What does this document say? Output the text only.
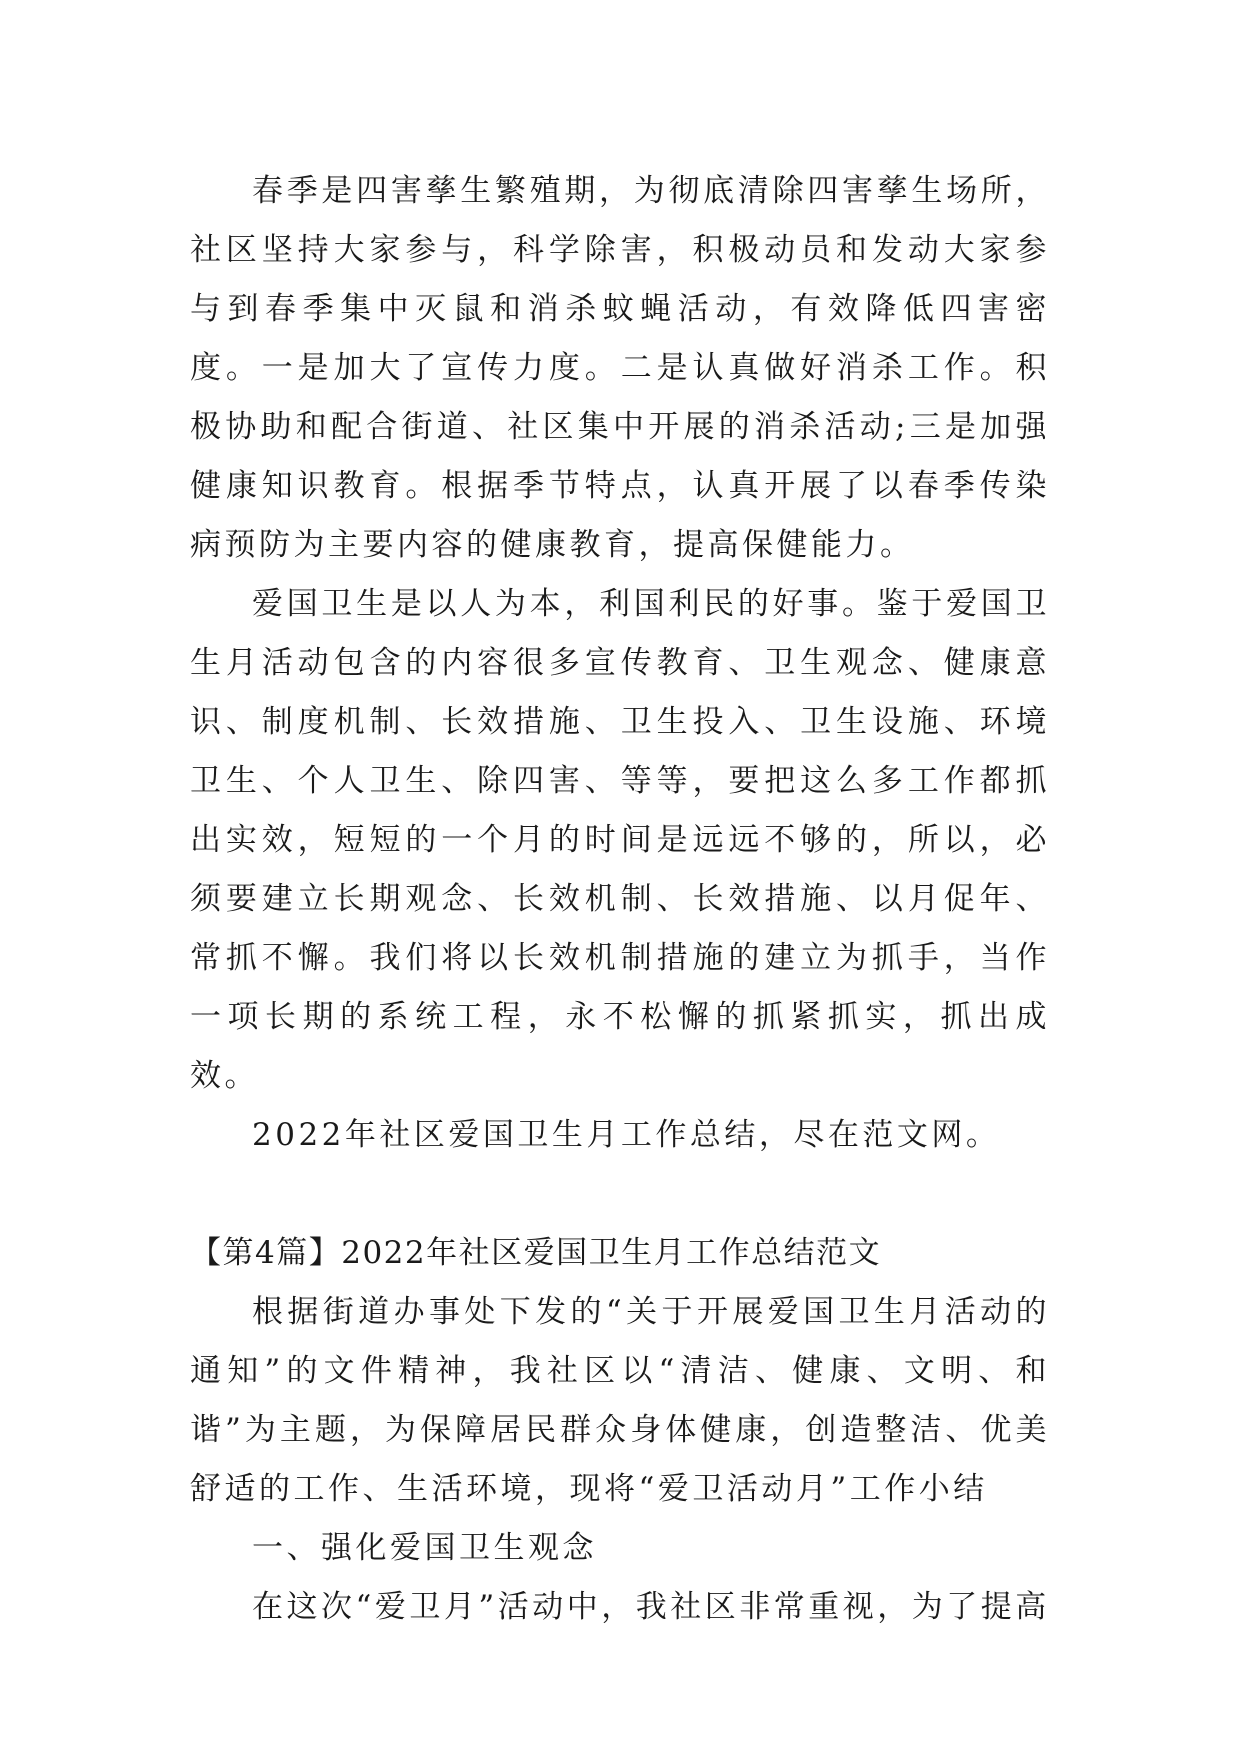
春季是四害孳生繁殖期，为彻底清除四害孳生场所，社区坚持大家参与，科学除害，积极动员和发动大家参与到春季集中灭鼠和消杀蚊蝇活动，有效降低四害密度。一是加大了宣传力度。二是认真做好消杀工作。积极协助和配合街道、社区集中开展的消杀活动;三是加强健康知识教育。根据季节特点，认真开展了以春季传染病预防为主要内容的健康教育，提高保健能力。

爱国卫生是以人为本，利国利民的好事。鉴于爱国卫生月活动包含的内容很多宣传教育、卫生观念、健康意识、制度机制、长效措施、卫生投入、卫生设施、环境卫生、个人卫生、除四害、等等，要把这么多工作都抓出实效，短短的一个月的时间是远远不够的，所以，必须要建立长期观念、长效机制、长效措施、以月促年、常抓不懈。我们将以长效机制措施的建立为抓手，当作一项长期的系统工程，永不松懈的抓紧抓实，抓出成效。

2022年社区爱国卫生月工作总结，尽在范文网。

【第4篇】2022年社区爱国卫生月工作总结范文

根据街道办事处下发的“关于开展爱国卫生月活动的通知”的文件精神，我社区以“清洁、健康、文明、和谐”为主题，为保障居民群众身体健康，创造整洁、优美舒适的工作、生活环境，现将“爱卫活动月”工作小结

一、强化爱国卫生观念

在这次“爱卫月”活动中，我社区非常重视，为了提高
